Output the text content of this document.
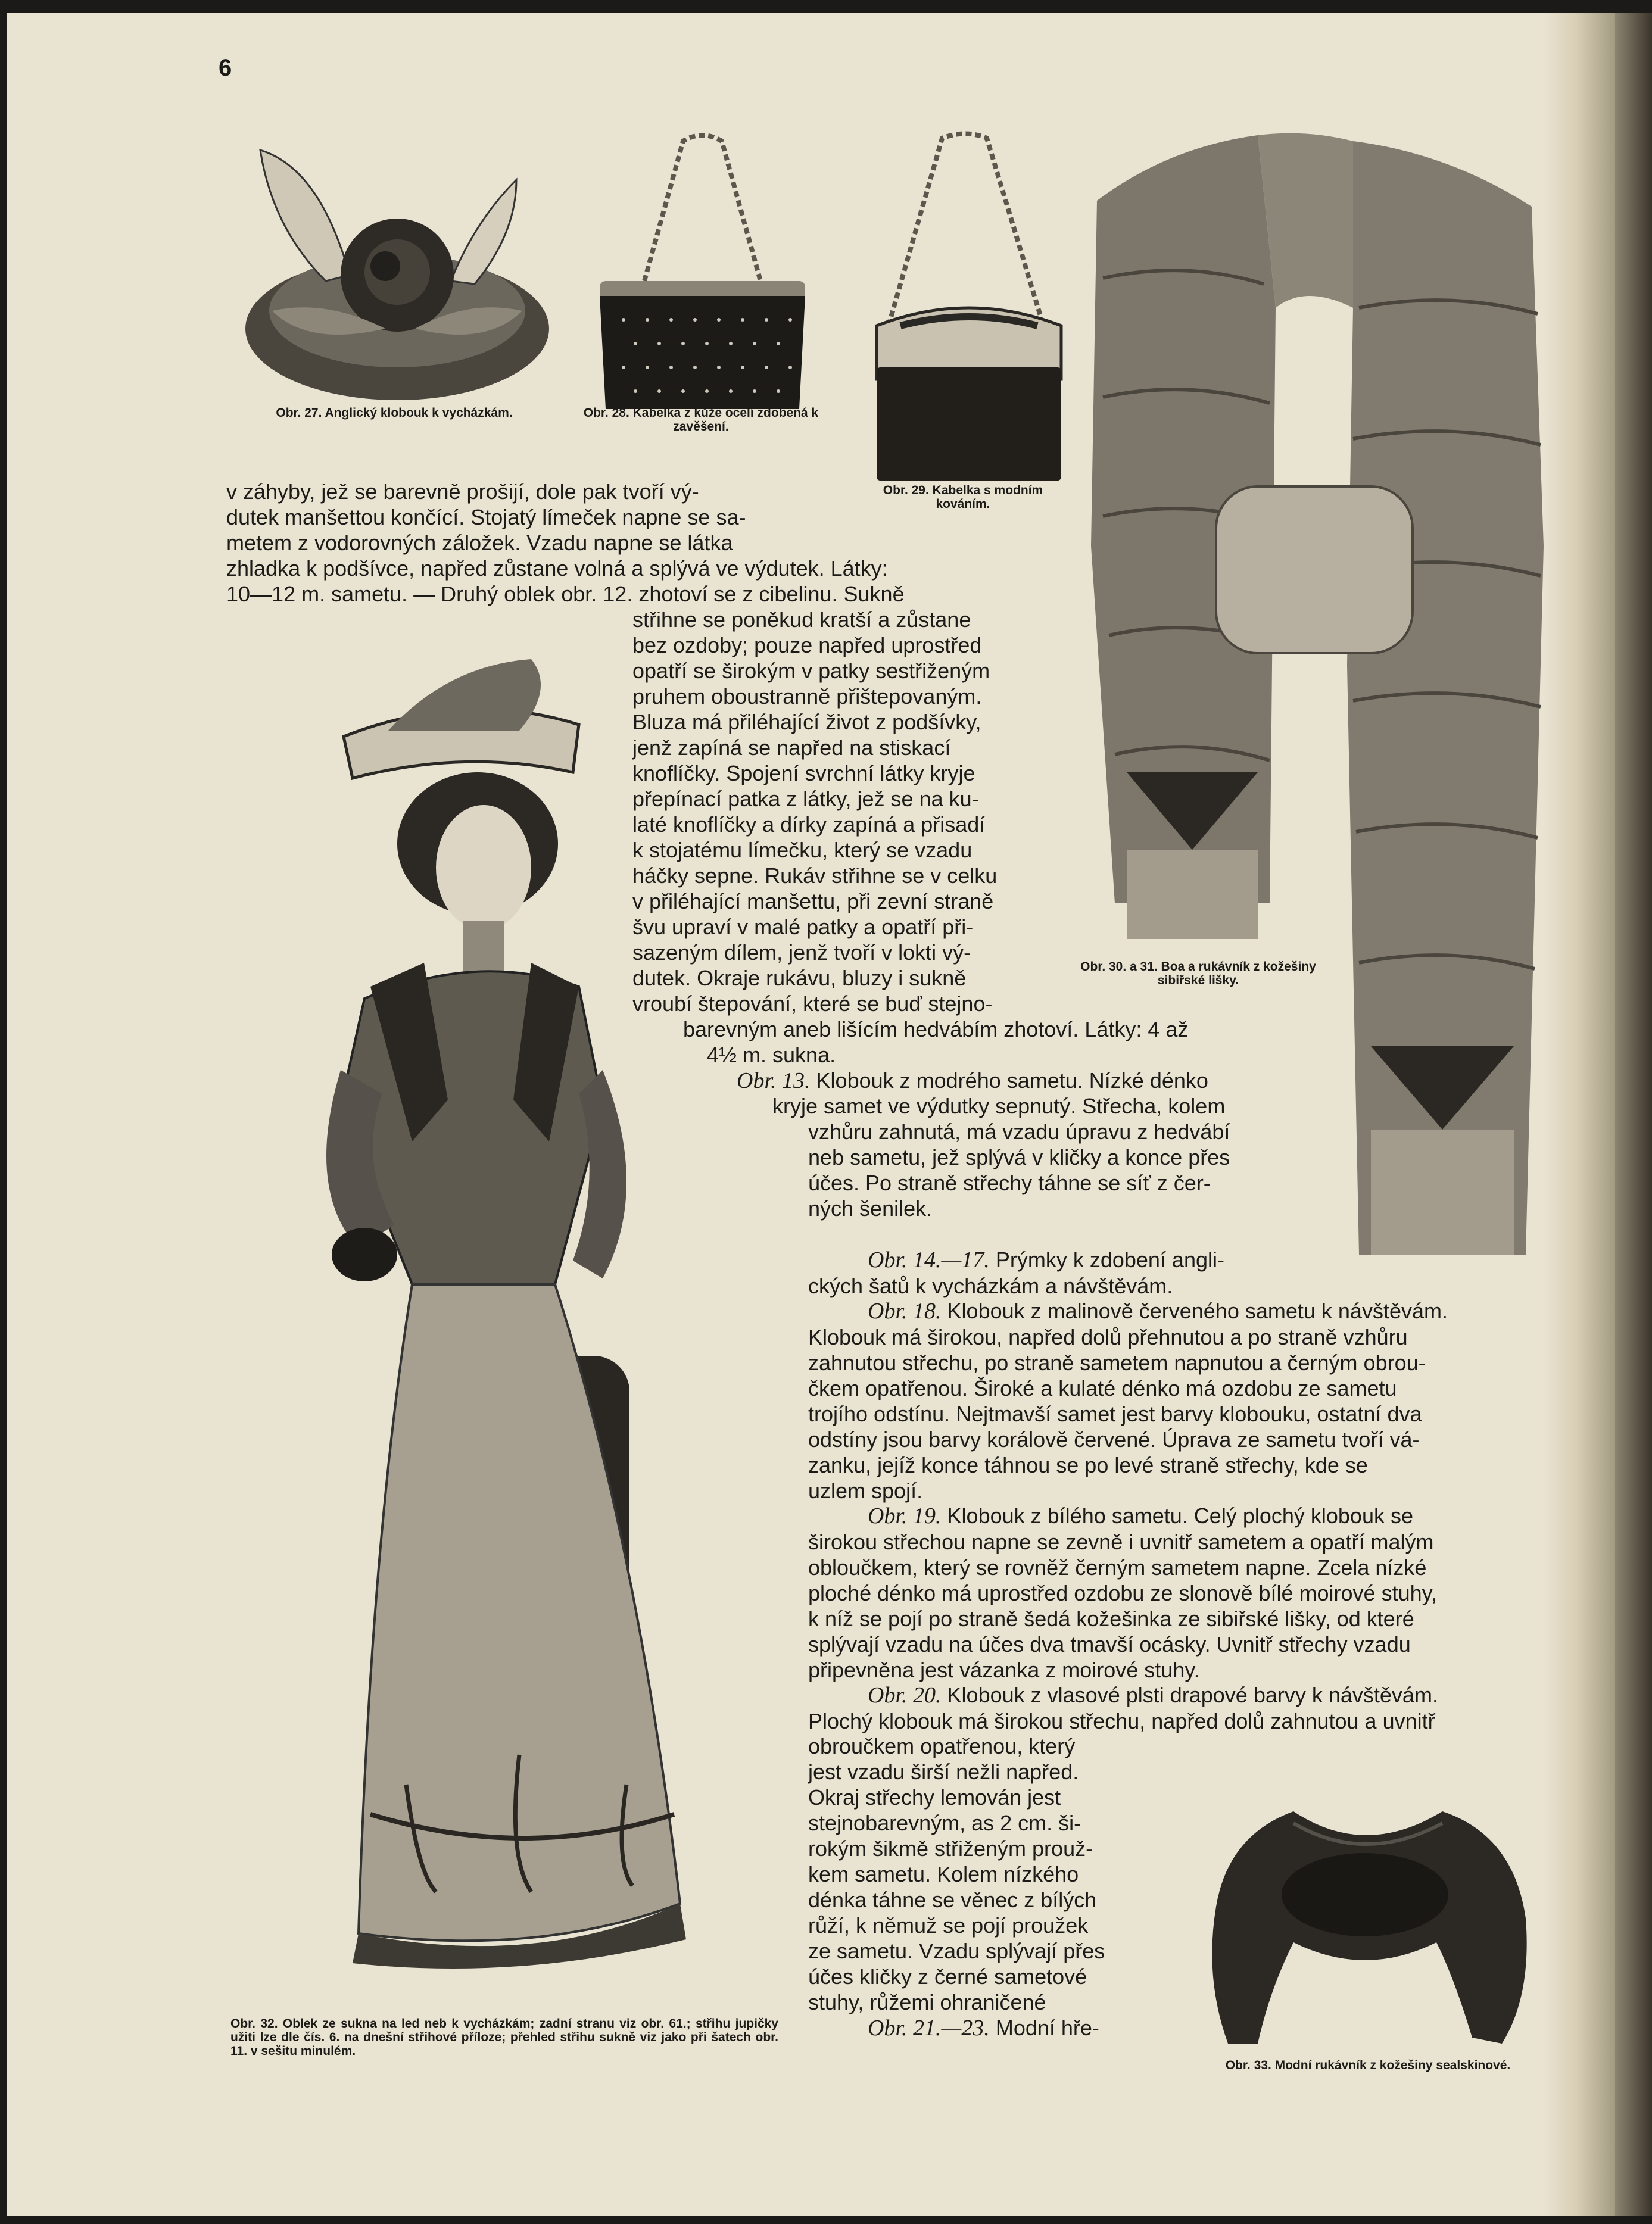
6
Obr. 27. Anglický klobouk k vycházkám.	Obr. 28. Kabelka z kůže ocelí zdobená k zavěšení.
Obr. 29. Kabelka s modním kováním.
Obr. 30. a 31. Boa a rukávník z kožešiny sibiřské lišky.
Obr. 32. Oblek ze sukna na led neb k vycházkám; zadní stranu viz obr. 61.; střihu jupičky užiti lze dle čís. 6. na dnešní střihové příloze; přehled střihu sukně viz jako při šatech obr. 11. v sešitu minulém.
Obr. 33. Modní rukávník z kožešiny sealskinové.
v záhyby, jež se barevně prošijí, dole pak tvoří vý-
dutek manšettou končící. Stojatý límeček napne se sa-
metem z vodorovných záložek. Vzadu napne se látka
zhladka k podšívce, napřed zůstane volná a splývá ve výdutek. Látky:
10—12 m. sametu. — Druhý oblek obr. 12. zhotoví se z cibelinu. Sukně
střihne se poněkud kratší a zůstane
bez ozdoby; pouze napřed uprostřed
opatří se širokým v patky sestřiženým
pruhem oboustranně přištepovaným.
Bluza má přiléhající život z podšívky,
jenž zapíná se napřed na stiskací
knoflíčky. Spojení svrchní látky kryje
přepínací patka z látky, jež se na ku-
laté knoflíčky a dírky zapíná a přisadí
k stojatému límečku, který se vzadu
háčky sepne. Rukáv střihne se v celku
v přiléhající manšettu, při zevní straně
švu upraví v malé patky a opatří při-
sazeným dílem, jenž tvoří v lokti vý-
dutek. Okraje rukávu, bluzy i sukně
vroubí štepování, které se buď stejno-
barevným aneb lišícím hedvábím zhotoví. Látky: 4 až
4½ m. sukna.
Obr. 13. Klobouk z modrého sametu. Nízké dénko
kryje samet ve výdutky sepnutý. Střecha, kolem
vzhůru zahnutá, má vzadu úpravu z hedvábí
neb sametu, jež splývá v kličky a konce přes
účes. Po straně střechy táhne se síť z čer-
ných šenilek.
Obr. 14.—17. Prýmky k zdobení angli-
ckých šatů k vycházkám a návštěvám.
Obr. 18. Klobouk z malinově červeného sametu k návštěvám.
Klobouk má širokou, napřed dolů přehnutou a po straně vzhůru
zahnutou střechu, po straně sametem napnutou a černým obrou-
čkem opatřenou. Široké a kulaté dénko má ozdobu ze sametu
trojího odstínu. Nejtmavší samet jest barvy klobouku, ostatní dva
odstíny jsou barvy korálově červené. Úprava ze sametu tvoří vá-
zanku, jejíž konce táhnou se po levé straně střechy, kde se
uzlem spojí.
Obr. 19. Klobouk z bílého sametu. Celý plochý klobouk se
širokou střechou napne se zevně i uvnitř sametem a opatří malým
obloučkem, který se rovněž černým sametem napne. Zcela nízké
ploché dénko má uprostřed ozdobu ze slonově bílé moirové stuhy,
k níž se pojí po straně šedá kožešinka ze sibiřské lišky, od které
splývají vzadu na účes dva tmavší ocásky. Uvnitř střechy vzadu
připevněna jest vázanka z moirové stuhy.
Obr. 20. Klobouk z vlasové plsti drapové barvy k návštěvám.
Plochý klobouk má širokou střechu, napřed dolů zahnutou a uvnitř
obroučkem opatřenou, který
jest vzadu širší nežli napřed.
Okraj střechy lemován jest
stejnobarevným, as 2 cm. ši-
rokým šikmě střiženým prouž-
kem sametu. Kolem nízkého
dénka táhne se věnec z bílých
růží, k němuž se pojí proužek
ze sametu. Vzadu splývají přes
účes kličky z černé sametové
stuhy, růžemi ohraničené
Obr. 21.—23. Modní hře-
